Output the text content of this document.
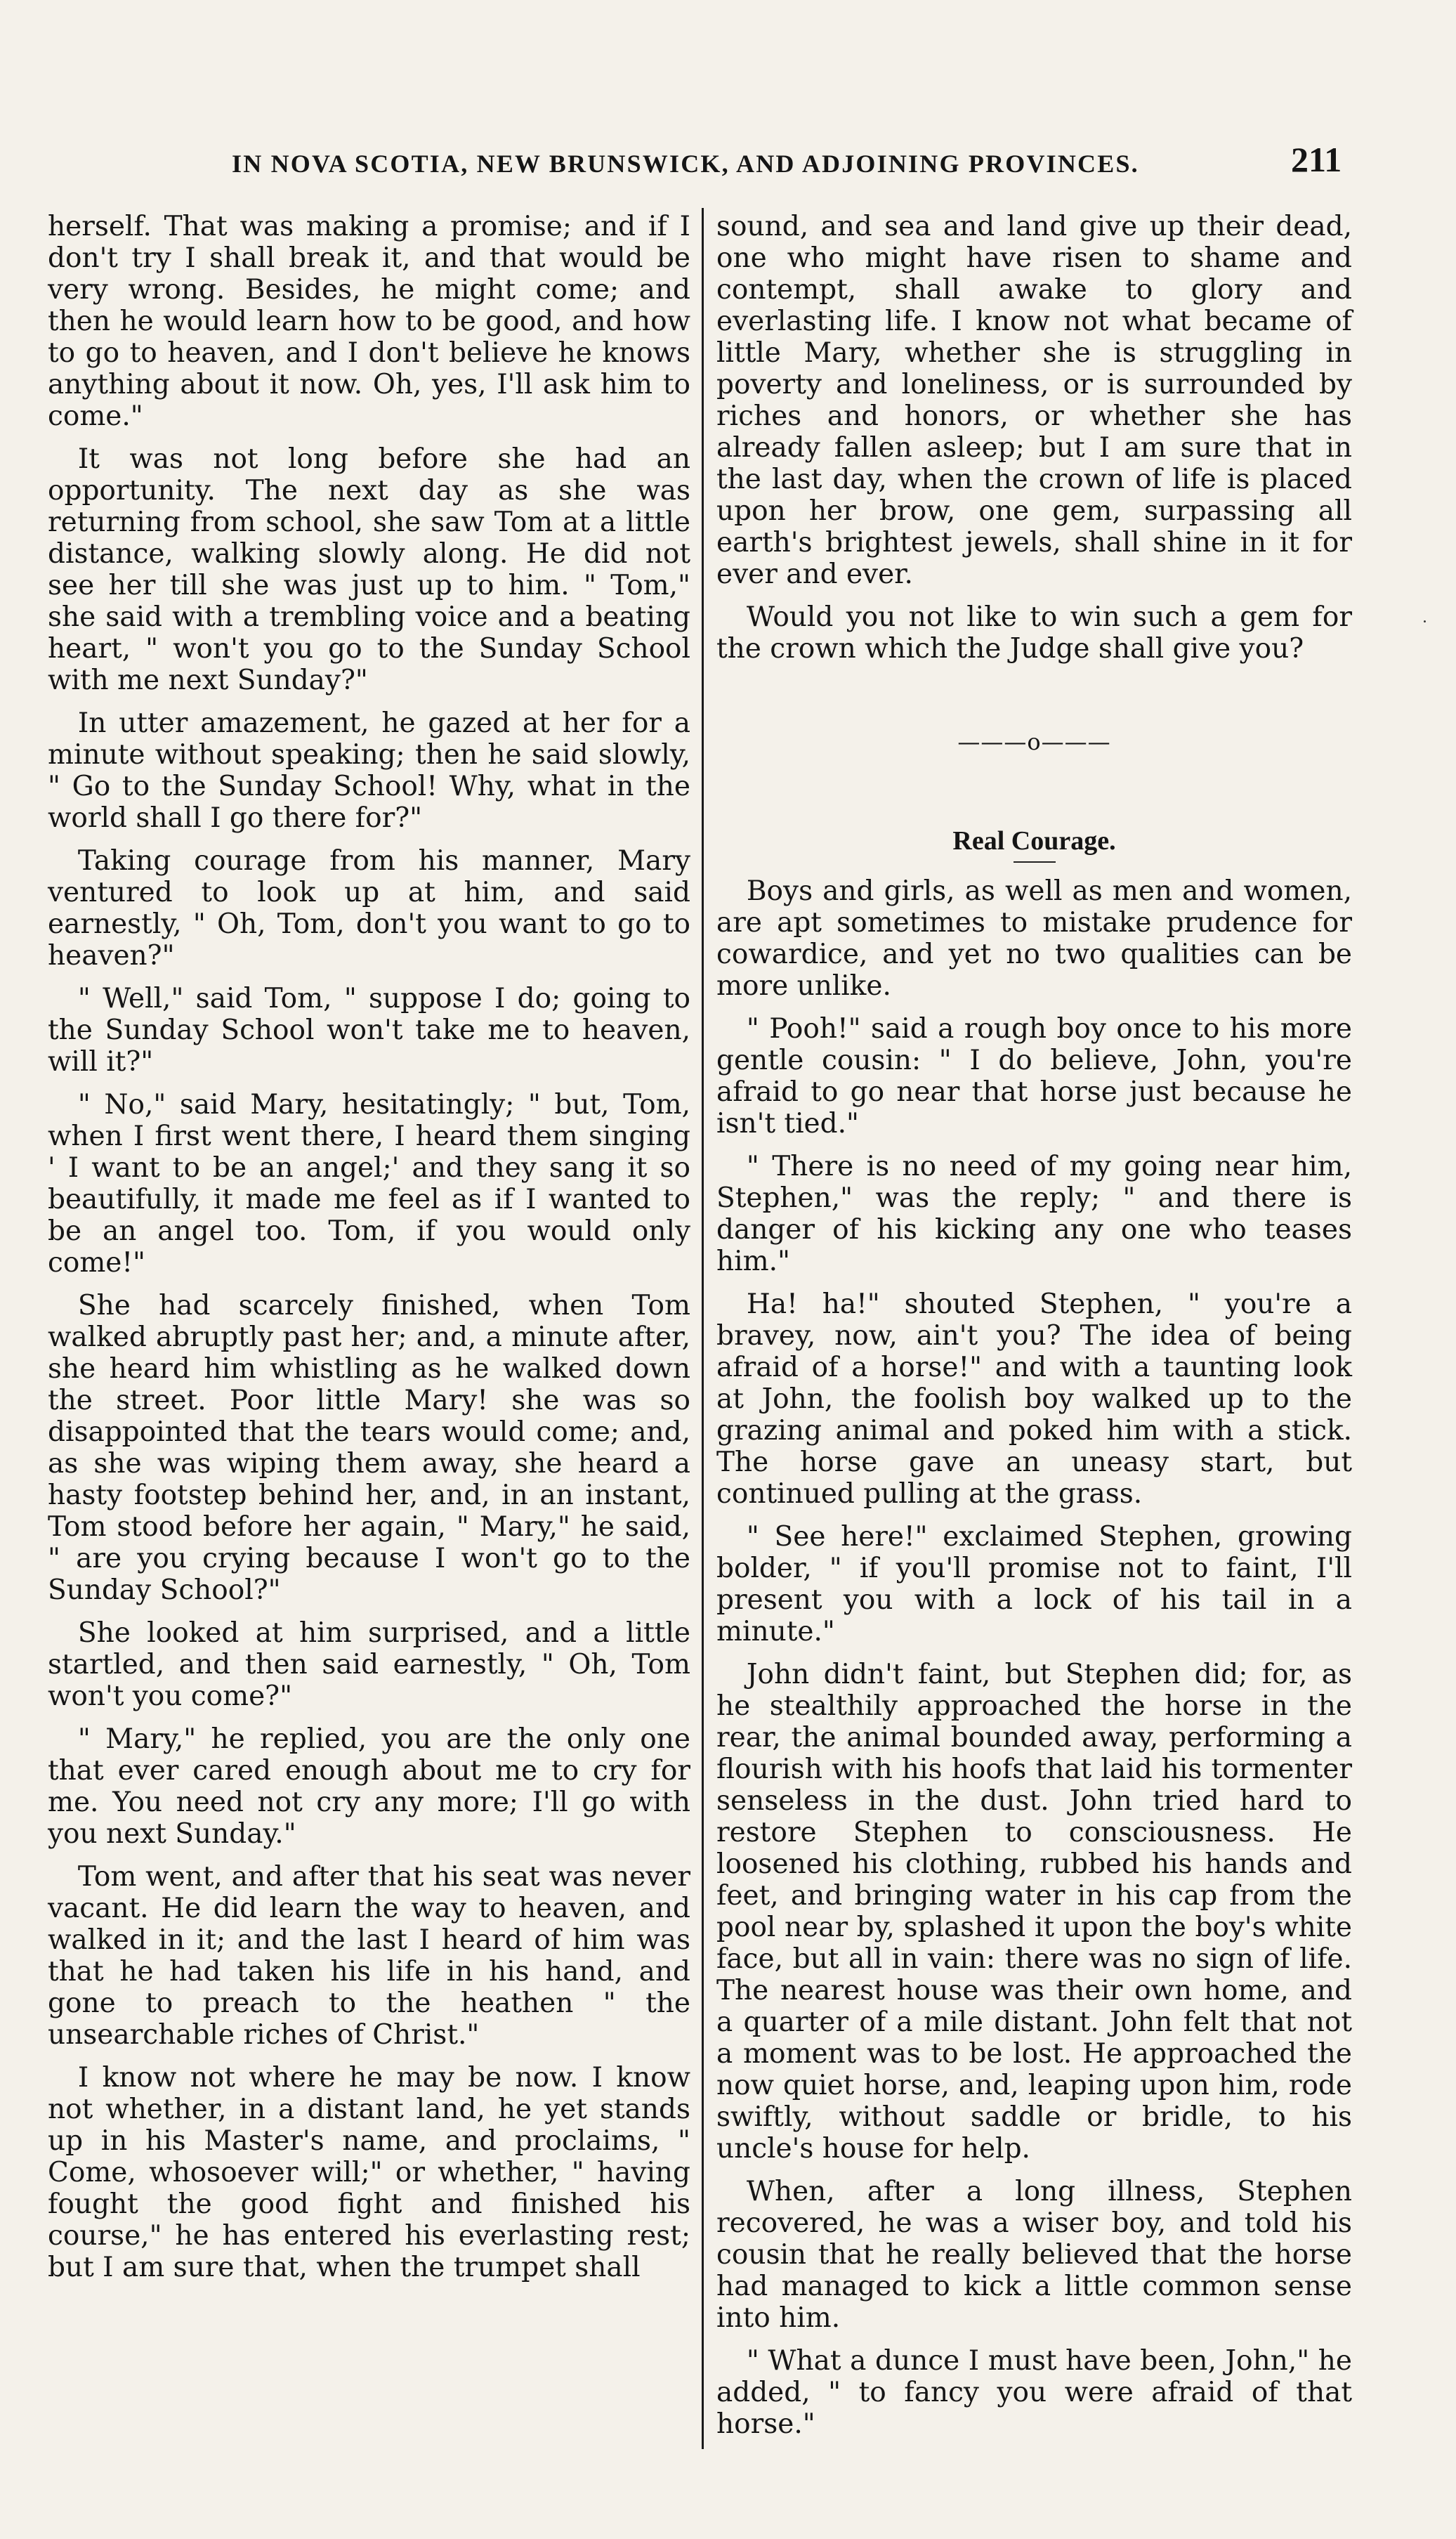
IN NOVA SCOTIA, NEW BRUNSWICK, AND ADJOINING PROVINCES.	211

herself. That was making a promise; and if I don't try I shall break it, and that would be very wrong. Besides, he might come; and then he would learn how to be good, and how to go to heaven, and I don't believe he knows anything about it now. Oh, yes, I'll ask him to come."

It was not long before she had an opportunity. The next day as she was returning from school, she saw Tom at a little distance, walking slowly along. He did not see her till she was just up to him. " Tom," she said with a trembling voice and a beating heart, " won't you go to the Sunday School with me next Sunday?"

In utter amazement, he gazed at her for a minute without speaking; then he said slowly, " Go to the Sunday School! Why, what in the world shall I go there for?"

Taking courage from his manner, Mary ventured to look up at him, and said earnestly, " Oh, Tom, don't you want to go to heaven?"

" Well," said Tom, " suppose I do; going to the Sunday School won't take me to heaven, will it?"

" No," said Mary, hesitatingly; " but, Tom, when I first went there, I heard them singing ' I want to be an angel;' and they sang it so beautifully, it made me feel as if I wanted to be an angel too. Tom, if you would only come!"

She had scarcely finished, when Tom walked abruptly past her; and, a minute after, she heard him whistling as he walked down the street. Poor little Mary! she was so disappointed that the tears would come; and, as she was wiping them away, she heard a hasty footstep behind her, and, in an instant, Tom stood before her again, " Mary," he said, " are you crying because I won't go to the Sunday School?"

She looked at him surprised, and a little startled, and then said earnestly, " Oh, Tom won't you come?"

" Mary," he replied, you are the only one that ever cared enough about me to cry for me. You need not cry any more; I'll go with you next Sunday."

Tom went, and after that his seat was never vacant. He did learn the way to heaven, and walked in it; and the last I heard of him was that he had taken his life in his hand, and gone to preach to the heathen " the unsearchable riches of Christ."

I know not where he may be now. I know not whether, in a distant land, he yet stands up in his Master's name, and proclaims, " Come, whosoever will;" or whether, " having fought the good fight and finished his course," he has entered his everlasting rest; but I am sure that, when the trumpet shall

sound, and sea and land give up their dead, one who might have risen to shame and contempt, shall awake to glory and everlasting life. I know not what became of little Mary, whether she is struggling in poverty and loneliness, or is surrounded by riches and honors, or whether she has already fallen asleep; but I am sure that in the last day, when the crown of life is placed upon her brow, one gem, surpassing all earth's brightest jewels, shall shine in it for ever and ever.

Would you not like to win such a gem for the crown which the Judge shall give you?

———o———
Real Courage.

Boys and girls, as well as men and women, are apt sometimes to mistake prudence for cowardice, and yet no two qualities can be more unlike.

" Pooh!" said a rough boy once to his more gentle cousin: " I do believe, John, you're afraid to go near that horse just because he isn't tied."

" There is no need of my going near him, Stephen," was the reply; " and there is danger of his kicking any one who teases him."

Ha! ha!" shouted Stephen, " you're a bravey, now, ain't you? The idea of being afraid of a horse!" and with a taunting look at John, the foolish boy walked up to the grazing animal and poked him with a stick. The horse gave an uneasy start, but continued pulling at the grass.

" See here!" exclaimed Stephen, growing bolder, " if you'll promise not to faint, I'll present you with a lock of his tail in a minute."

John didn't faint, but Stephen did; for, as he stealthily approached the horse in the rear, the animal bounded away, performing a flourish with his hoofs that laid his tormenter senseless in the dust. John tried hard to restore Stephen to consciousness. He loosened his clothing, rubbed his hands and feet, and bringing water in his cap from the pool near by, splashed it upon the boy's white face, but all in vain: there was no sign of life. The nearest house was their own home, and a quarter of a mile distant. John felt that not a moment was to be lost. He approached the now quiet horse, and, leaping upon him, rode swiftly, without saddle or bridle, to his uncle's house for help.

When, after a long illness, Stephen recovered, he was a wiser boy, and told his cousin that he really believed that the horse had managed to kick a little common sense into him.

" What a dunce I must have been, John," he added, " to fancy you were afraid of that horse."

˙
